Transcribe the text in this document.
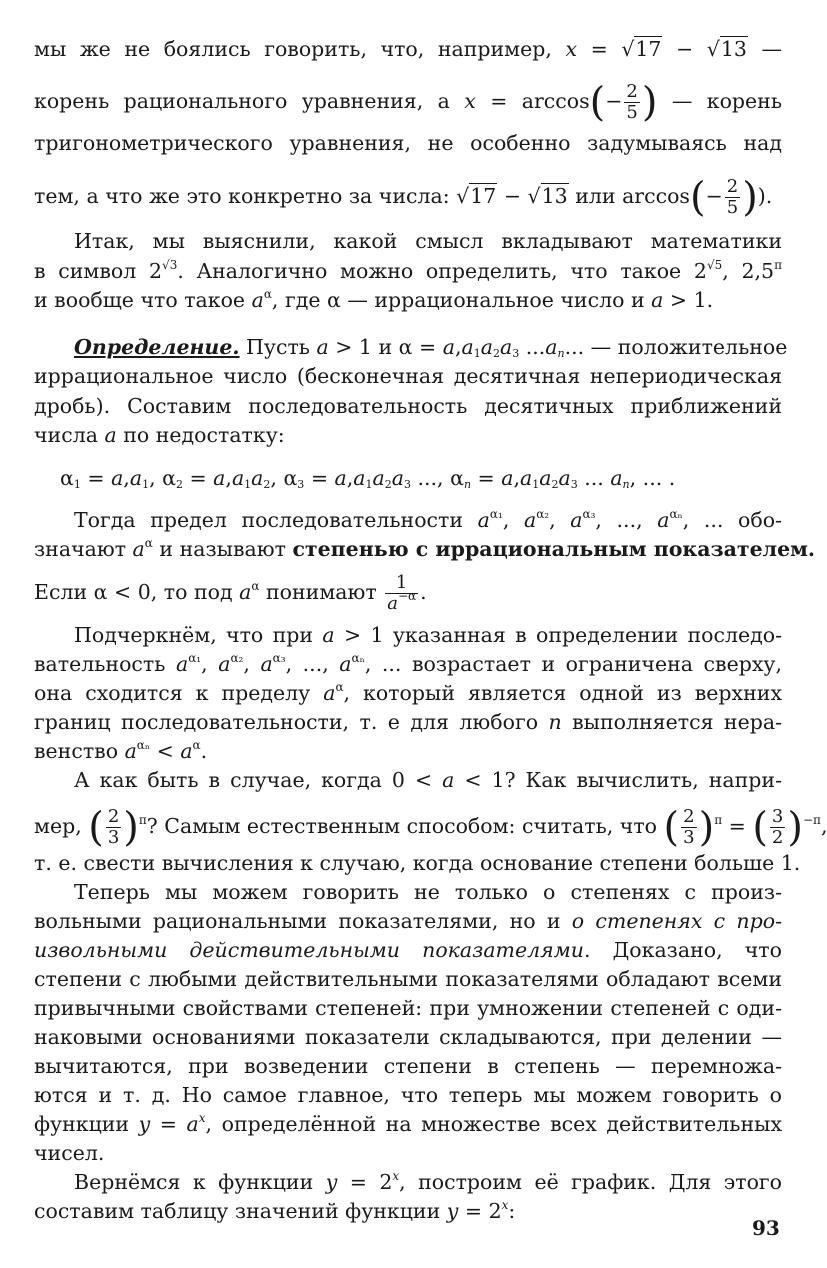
мы же не боялись говорить, что, например, x = √17 − √13 —
корень рационального уравнения, а $x = \arccos(- \frac{2}{5}$ ) — корень
тригонометрического уравнения, не особенно задумываясь над
тем, а что же это конкретно за числа: √17 − √13 или $\arccos(- \frac{2}{5}$ )).
Итак, мы выяснили, какой смысл вкладывают математики
в символ $2^{√3}$. Аналогично можно определить, что такое $2^{√5}$, $2,5^\pi$
и вообще что такое $a^\alpha$, где α — иррациональное число и a > 1.
Определение. Пусть a > 1 и $\alpha = a,a_1a_2a_3$ $...a_n$... — положительное
иррациональное число (бесконечная десятичная непериодическая
дробь). Составим последовательность десятичных приближений
числа a по недостатку:
$\alpha_1 = a,a_1$, $\alpha_2 = a,a_1a_2$, $\alpha_3 = a,a_1a_2a_3$ ..., $\alpha_n = a,a_1a_2a_3$ ... $a_n$, ... .
Тогда предел последовательности $a^{\alpha_1}$, $a^{\alpha_2}$, $a^{\alpha_3}$, ..., $a^{\alpha_n}$, ... обо-
значают $a^\alpha$ и называют степенью с иррациональным показателем.
Если α < 0, то под $a^\alpha$ понимают $\frac{1}{a^{-\alpha}}$ .
Подчеркнём, что при a > 1 указанная в определении последо-
вательность $a^{\alpha_1}$, $a^{\alpha_2}$, $a^{\alpha_3}$, ..., $a^{\alpha_n}$, ... возрастает и ограничена сверху,
она сходится к пределу $a^\alpha$, который является одной из верхних
границ последовательности, т. е для любого n выполняется нера-
венство $a^{\alpha_n} < a^\alpha$.
А как быть в случае, когда 0 < a < 1? Как вычислить, напри-
мер, ( $\frac{2}{3} )^\pi$? Самым естественным способом: считать, что ( $\frac{2}{3} )^\pi$ = ( $\frac{3}{2} )^{-\pi}$,
т. е. свести вычисления к случаю, когда основание степени больше 1.
Теперь мы можем говорить не только о степенях с произ-
вольными рациональными показателями, но и о степенях с про-
извольными действительными показателями. Доказано, что
степени с любыми действительными показателями обладают всеми
привычными свойствами степеней: при умножении степеней с оди-
наковыми основаниями показатели складываются, при делении —
вычитаются, при возведении степени в степень — перемножа-
ются и т. д. Но самое главное, что теперь мы можем говорить о
функции $y = a^x$, определённой на множестве всех действительных
чисел.
Вернёмся к функции $y = 2^x$, построим её график. Для этого
составим таблицу значений функции $y = 2^x$:
93
